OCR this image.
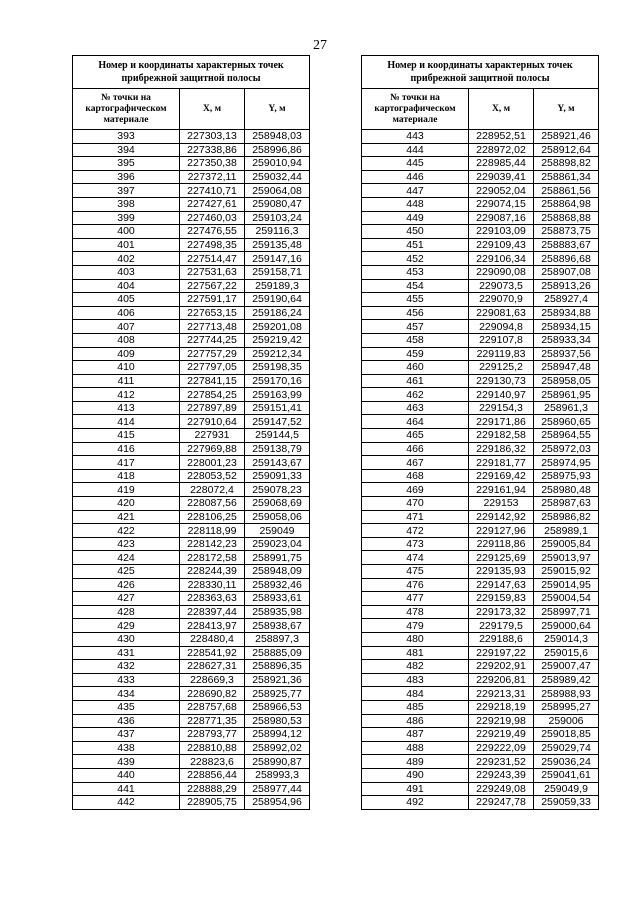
27
Номер и координаты характерных точек прибрежной защитной полосы		
№ точки на картографическом материале	X, м	Y, м
393	227303,13	258948,03
394	227338,86	258996,86
395	227350,38	259010,94
396	227372,11	259032,44
397	227410,71	259064,08
398	227427,61	259080,47
399	227460,03	259103,24
400	227476,55	259116,3
401	227498,35	259135,48
402	227514,47	259147,16
403	227531,63	259158,71
404	227567,22	259189,3
405	227591,17	259190,64
406	227653,15	259186,24
407	227713,48	259201,08
408	227744,25	259219,42
409	227757,29	259212,34
410	227797,05	259198,35
411	227841,15	259170,16
412	227854,25	259163,99
413	227897,89	259151,41
414	227910,64	259147,52
415	227931	259144,5
416	227969,88	259138,79
417	228001,23	259143,67
418	228053,52	259091,33
419	228072,4	259078,23
420	228087,56	259068,69
421	228106,25	259058,06
422	228118,99	259049
423	228142,23	259023,04
424	228172,58	258991,75
425	228244,39	258948,09
426	228330,11	258932,46
427	228363,63	258933,61
428	228397,44	258935,98
429	228413,97	258938,67
430	228480,4	258897,3
431	228541,92	258885,09
432	228627,31	258896,35
433	228669,3	258921,36
434	228690,82	258925,77
435	228757,68	258966,53
436	228771,35	258980,53
437	228793,77	258994,12
438	228810,88	258992,02
439	228823,6	258990,87
440	228856,44	258993,3
441	228888,29	258977,44
442	228905,75	258954,96
Номер и координаты характерных точек прибрежной защитной полосы		
№ точки на картографическом материале	X, м	Y, м
443	228952,51	258921,46
444	228972,02	258912,64
445	228985,44	258898,82
446	229039,41	258861,34
447	229052,04	258861,56
448	229074,15	258864,98
449	229087,16	258868,88
450	229103,09	258873,75
451	229109,43	258883,67
452	229106,34	258896,68
453	229090,08	258907,08
454	229073,5	258913,26
455	229070,9	258927,4
456	229081,63	258934,88
457	229094,8	258934,15
458	229107,8	258933,34
459	229119,83	258937,56
460	229125,2	258947,48
461	229130,73	258958,05
462	229140,97	258961,95
463	229154,3	258961,3
464	229171,86	258960,65
465	229182,58	258964,55
466	229186,32	258972,03
467	229181,77	258974,95
468	229169,42	258975,93
469	229161,94	258980,48
470	229153	258987,63
471	229142,92	258986,82
472	229127,96	258989,1
473	229118,86	259005,84
474	229125,69	259013,97
475	229135,93	259015,92
476	229147,63	259014,95
477	229159,83	259004,54
478	229173,32	258997,71
479	229179,5	259000,64
480	229188,6	259014,3
481	229197,22	259015,6
482	229202,91	259007,47
483	229206,81	258989,42
484	229213,31	258988,93
485	229218,19	258995,27
486	229219,98	259006
487	229219,49	259018,85
488	229222,09	259029,74
489	229231,52	259036,24
490	229243,39	259041,61
491	229249,08	259049,9
492	229247,78	259059,33
